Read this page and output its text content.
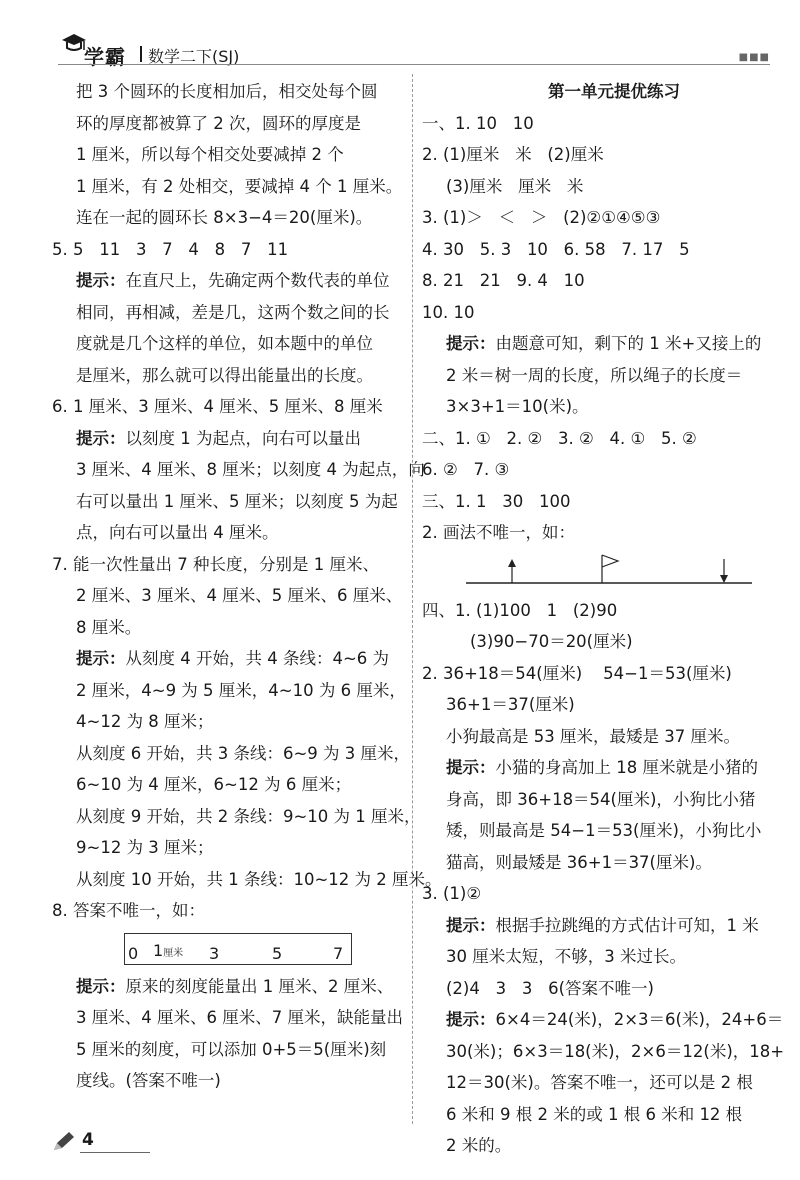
学霸 数学二下(SJ)	■■■
把 3 个圆环的长度相加后，相交处每个圆
环的厚度都被算了 2 次，圆环的厚度是
1 厘米，所以每个相交处要减掉 2 个
1 厘米，有 2 处相交，要减掉 4 个 1 厘米。
连在一起的圆环长 8×3−4＝20(厘米)。
5. 5   11   3   7   4   8   7   11
提示：在直尺上，先确定两个数代表的单位
相同，再相减，差是几，这两个数之间的长
度就是几个这样的单位，如本题中的单位
是厘米，那么就可以得出能量出的长度。
6. 1 厘米、3 厘米、4 厘米、5 厘米、8 厘米
提示：以刻度 1 为起点，向右可以量出
3 厘米、4 厘米、8 厘米；以刻度 4 为起点，向
右可以量出 1 厘米、5 厘米；以刻度 5 为起
点，向右可以量出 4 厘米。
7. 能一次性量出 7 种长度，分别是 1 厘米、
2 厘米、3 厘米、4 厘米、5 厘米、6 厘米、
8 厘米。
提示：从刻度 4 开始，共 4 条线：4~6 为
2 厘米，4~9 为 5 厘米，4~10 为 6 厘米，
4~12 为 8 厘米；
从刻度 6 开始，共 3 条线：6~9 为 3 厘米，
6~10 为 4 厘米，6~12 为 6 厘米；
从刻度 9 开始，共 2 条线：9~10 为 1 厘米，
9~12 为 3 厘米；
从刻度 10 开始，共 1 条线：10~12 为 2 厘米。
8. 答案不唯一，如：
0 1厘米 3	5	7
提示：原来的刻度能量出 1 厘米、2 厘米、
3 厘米、4 厘米、6 厘米、7 厘米，缺能量出
5 厘米的刻度，可以添加 0+5＝5(厘米)刻
度线。(答案不唯一)
第一单元提优练习
一、1. 10   10
2. (1)厘米   米   (2)厘米
(3)厘米   厘米   米
3. (1)＞   ＜   ＞   (2)②①④⑤③
4. 30   5. 3   10   6. 58   7. 17   5
8. 21   21   9. 4   10
10. 10
提示：由题意可知，剩下的 1 米+又接上的
2 米＝树一周的长度，所以绳子的长度＝
3×3+1＝10(米)。
二、1. ①   2. ②   3. ②   4. ①   5. ②
6. ②   7. ③
三、1. 1   30   100
2. 画法不唯一，如：
四、1. (1)100   1   (2)90
(3)90−70＝20(厘米)
2. 36+18＝54(厘米)    54−1＝53(厘米)
36+1＝37(厘米)
小狗最高是 53 厘米，最矮是 37 厘米。
提示：小猫的身高加上 18 厘米就是小猪的
身高，即 36+18＝54(厘米)，小狗比小猪
矮，则最高是 54−1＝53(厘米)，小狗比小
猫高，则最矮是 36+1＝37(厘米)。
3. (1)②
提示：根据手拉跳绳的方式估计可知，1 米
30 厘米太短，不够，3 米过长。
(2)4   3   3   6(答案不唯一)
提示：6×4＝24(米)，2×3＝6(米)，24+6＝
30(米)；6×3＝18(米)，2×6＝12(米)，18+
12＝30(米)。答案不唯一，还可以是 2 根
6 米和 9 根 2 米的或 1 根 6 米和 12 根
2 米的。
4
